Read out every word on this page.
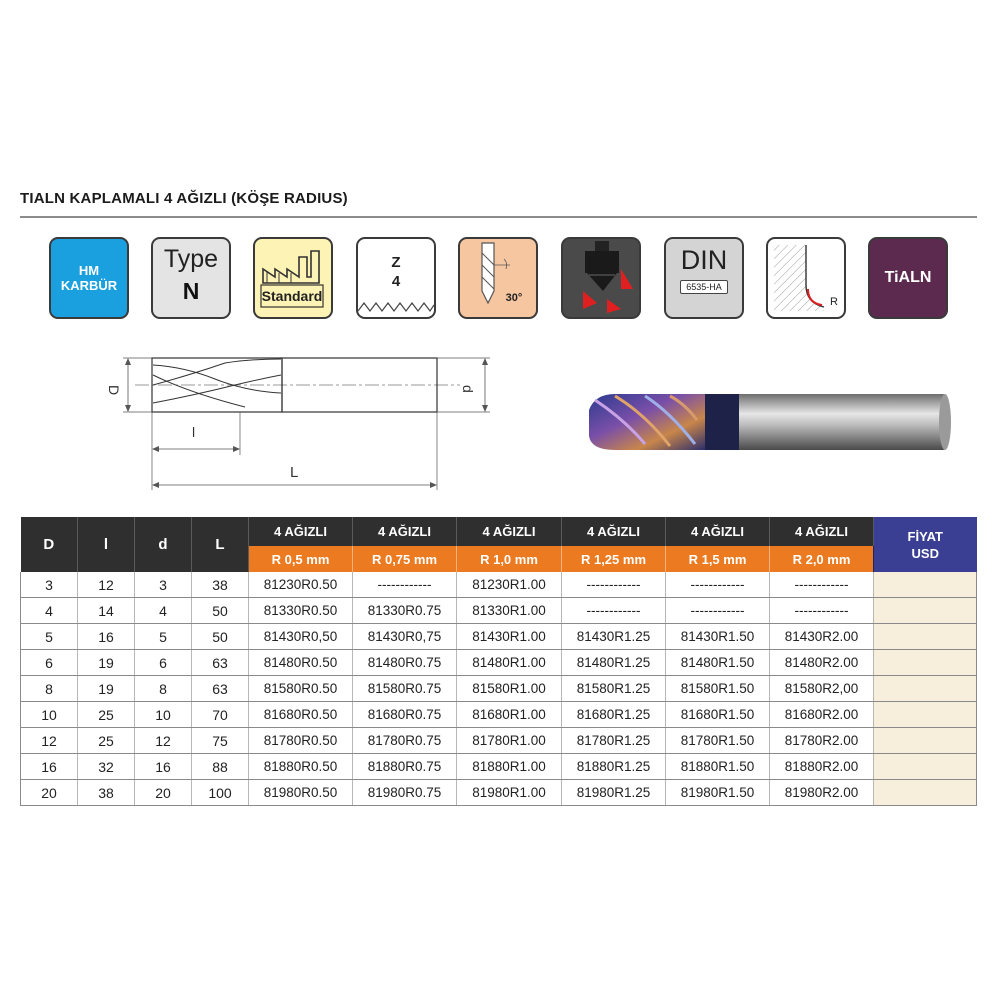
TIALN KAPLAMALI 4 AĞIZLI (KÖŞE RADIUS)
HM
KARBÜR
Type
N	Standard
Z
4
30°
DIN
6535-HA
R
TiALN
D	d
l
L
D	l	d	L	4 AĞIZLI	4 AĞIZLI	4 AĞIZLI	4 AĞIZLI	4 AĞIZLI	4 AĞIZLI	FİYAT
USD
				R 0,5 mm	R 0,75 mm	R 1,0 mm	R 1,25 mm	R 1,5 mm	R 2,0 mm	
3	12	3	38	81230R0.50	------------	81230R1.00	------------	------------	------------	
4	14	4	50	81330R0.50	81330R0.75	81330R1.00	------------	------------	------------	
5	16	5	50	81430R0,50	81430R0,75	81430R1.00	81430R1.25	81430R1.50	81430R2.00	
6	19	6	63	81480R0.50	81480R0.75	81480R1.00	81480R1.25	81480R1.50	81480R2.00	
8	19	8	63	81580R0.50	81580R0.75	81580R1.00	81580R1.25	81580R1.50	81580R2,00	
10	25	10	70	81680R0.50	81680R0.75	81680R1.00	81680R1.25	81680R1.50	81680R2.00	
12	25	12	75	81780R0.50	81780R0.75	81780R1.00	81780R1.25	81780R1.50	81780R2.00	
16	32	16	88	81880R0.50	81880R0.75	81880R1.00	81880R1.25	81880R1.50	81880R2.00	
20	38	20	100	81980R0.50	81980R0.75	81980R1.00	81980R1.25	81980R1.50	81980R2.00	
